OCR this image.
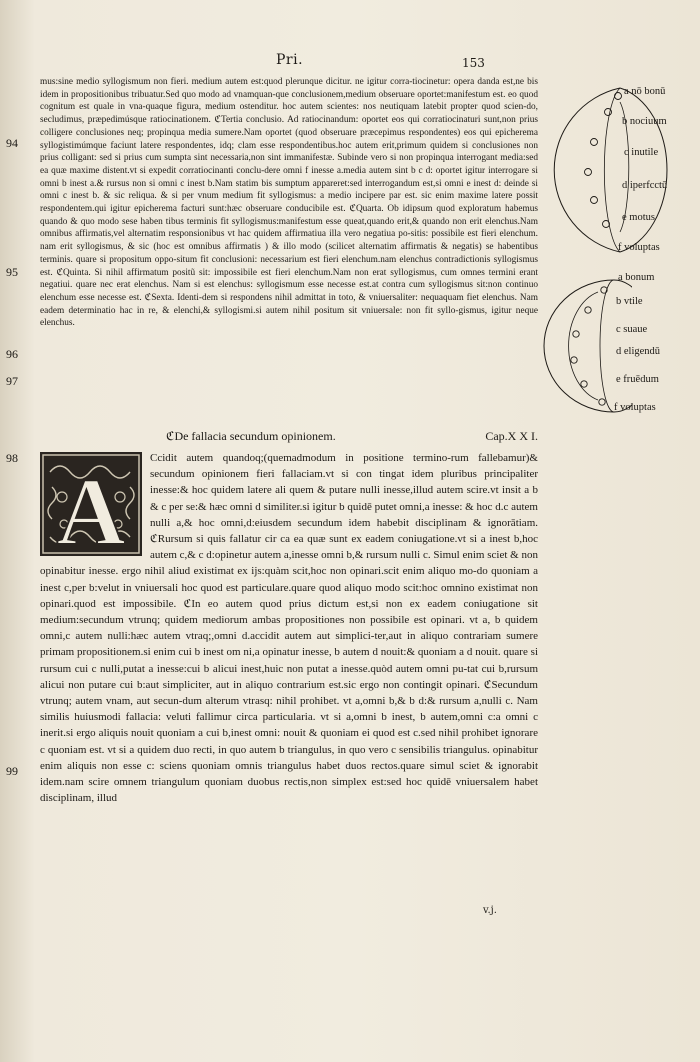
Pri.	153
94
95
96
97
98
99

mus:sine medio syllogismum non fieri. medium autem est:quod plerunque dicitur. ne igitur corra-tiocinetur: opera danda est,ne bis idem in propositionibus tribuatur.Sed quo modo ad vnamquan-que conclusionem,medium obseruare oportet:manifestum est. eo quod cognitum est quale in vna-quaque figura, medium ostenditur. hoc autem scientes: nos neutiquam latebit propter quod scien-do, secludimus, præpedimúsque ratiocinationem. ℭTertia conclusio. Ad ratiocinandum: oportet eos qui corratiocinaturi sunt,non prius colligere conclusiones neq; propinqua media sumere.Nam oportet (quod obseruare præcepimus respondentes) eos qui epicherema syllogistimúmque faciunt latere respondentes, idq; clam esse respondentibus.hoc autem erit,primum quidem si conclusiones non prius colligant: sed si prius cum sumpta sint necessaria,non sint immanifestæ. Subinde vero si non propinqua interrogant media:sed ea quæ maxime distent.vt si expedit corratiocinanti conclu-dere omni f inesse a.media autem sint b c d: oportet igitur interrogare si omni b inest a.& rursus non si omni c inest b.Nam statim bis sumptum appareret:sed interrogandum est,si omni e inest d: deinde si omni c inest b. & sic reliqua. & si per vnum medium fit syllogismus: a medio incipere par est. sic enim maxime latere possit respondentem.qui igitur epicherema facturi sunt:hæc obseruare conducibile est. ℭQuarta. Ob idipsum quod exploratum habemus quando & quo modo sese haben tibus terminis fit syllogismus:manifestum esse queat,quando erit,& quando non erit elenchus.Nam omnibus affirmatis,vel alternatim responsionibus vt hac quidem affirmatiua illa vero negatiua po-sitis: possibile est fieri elenchum. nam erit syllogismus, & sic (hoc est omnibus affirmatis ) & illo modo (scilicet alternatim affirmatis & negatis) se habentibus terminis. quare si propositum oppo-situm fit conclusioni: necessarium est fieri elenchum.nam elenchus contradictionis syllogismus est. ℭQuinta. Si nihil affirmatum positũ sit: impossibile est fieri elenchum.Nam non erat syllogismus, cum omnes termini erant negatiui. quare nec erat elenchus. Nam si est elenchus: syllogismum esse necesse est.at contra cum syllogismus sit:non continuo elenchum esse necesse est. ℭSexta. Identi-dem si respondens nihil admittat in toto, & vniuersaliter: nequaquam fiet elenchus. Nam eadem determinatio hac in re, & elenchi,& syllogismi.si autem nihil positum sit vniuersale: non fit syllo-gismus, igitur neque elenchus.

ℭDe fallacia secundum opinionem.	Cap.X X I.
A	Ccidit autem quandoq;(quemadmodum in positione termino-rum fallebamur)& secundum opinionem fieri fallaciam.vt si con tingat idem pluribus principaliter inesse:& hoc quidem latere ali quem & putare nulli inesse,illud autem scire.vt insit a b & c per se:& hæc omni d similiter.si igitur b quidē putet omni,a inesse: & hoc d.c autem nulli a,& hoc omni,d:eiusdem secundum idem habebit disciplinam & ignorātiam. ℭRursum si quis fallatur cir ca ea quæ sunt ex eadem coniugatione.vt si a inest b,hoc autem c,& c d:opinetur autem a,inesse omni b,& rursum nulli c. Simul enim sciet & non opinabitur inesse. ergo nihil aliud existimat ex ijs:quàm scit,hoc non opinari.scit enim aliquo mo-do quoniam a inest c,per b:velut in vniuersali hoc quod est particulare.quare quod aliquo modo scit:hoc omnino existimat non opinari.quod est impossibile. ℭIn eo autem quod prius dictum est,si non ex eadem coniugatione sit medium:secundum vtrunq; quidem mediorum ambas propositiones non possibile est opinari. vt a, b quidem omni,c autem nulli:hæc autem vtraq;,omni d.accidit autem aut simplici-ter,aut in aliquo contrariam sumere primam propositionem.si enim cui b inest om ni,a opinatur inesse, b autem d nouit:& quoniam a d nouit. quare si rursum cui c nulli,putat a inesse:cui b alicui inest,huic non putat a inesse.quòd autem omni pu-tat cui b,rursum alicui non putare cui b:aut simpliciter, aut in aliquo contrarium est.sic ergo non contingit opinari. ℭSecundum vtrunq; autem vnam, aut secun-dum alterum vtrasq: nihil prohibet. vt a,omni b,& b d:& rursum a,nulli c. Nam similis huiusmodi fallacia: veluti fallimur circa particularia. vt si a,omni b inest, b autem,omni c:a omni c inerit.si ergo aliquis nouit quoniam a cui b,inest omni: nouit & quoniam ei quod est c.sed nihil prohibet ignorare c quoniam est. vt si a quidem duo recti, in quo autem b triangulus, in quo vero c sensibilis triangulus. opinabitur enim aliquis non esse c: sciens quoniam omnis triangulus habet duos rectos.quare simul sciet & ignorabit idem.nam scire omnem triangulum quoniam duobus rectis,non simplex est:sed hoc quidē vniuersalem habet disciplinam, illud

v.j.
a nō bonū
b nociuum
c inutile
d iperfcctū
e motus
f voluptas
a bonum
b vtile
c suaue
d eligendū
e fruēdum
f voluptas
